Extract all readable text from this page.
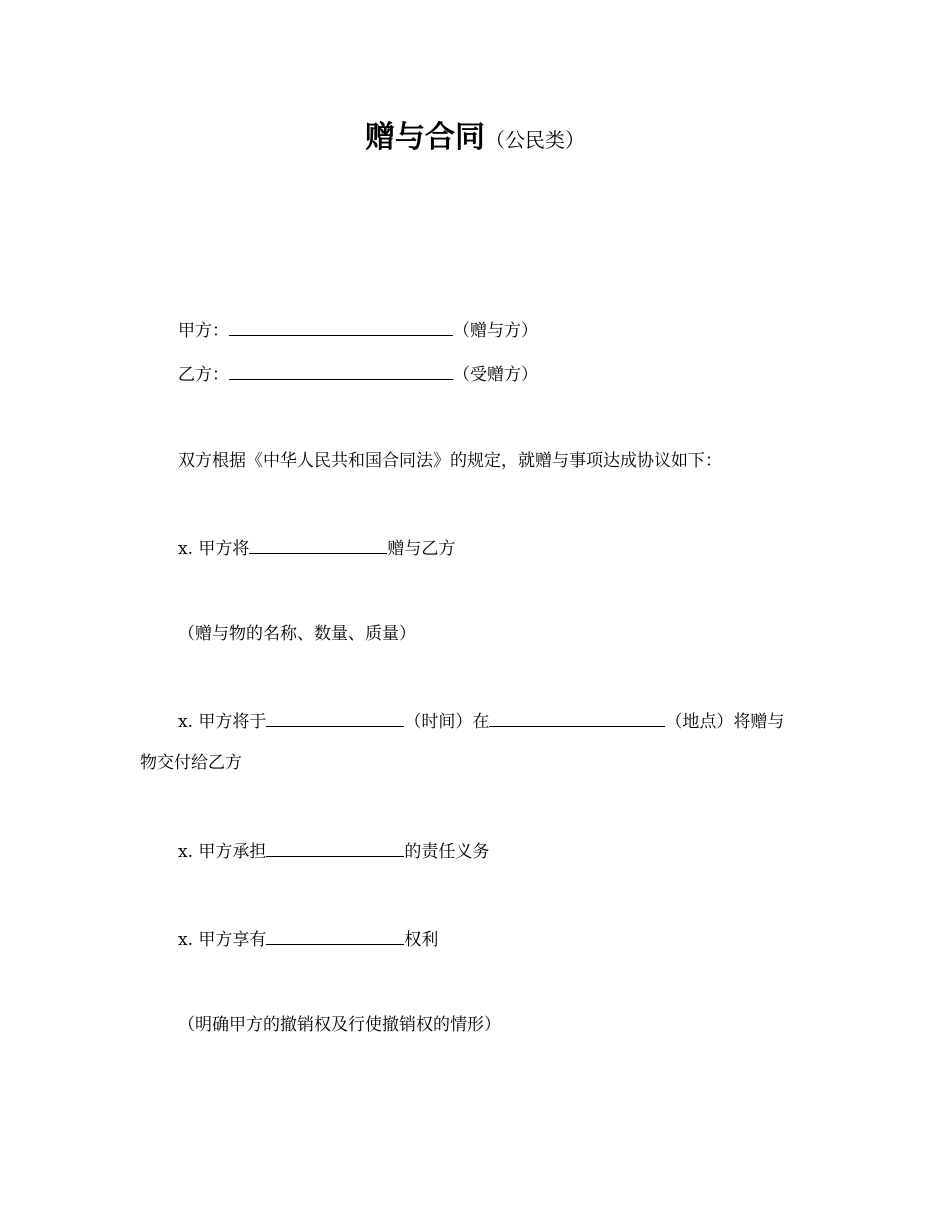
赠与合同（公民类）
甲方：	（赠与方）
乙方：	（受赠方）
双方根据《中华人民共和国合同法》的规定，就赠与事项达成协议如下：
x. 甲方将	赠与乙方
（赠与物的名称、数量、质量）
x. 甲方将于	（时间）在	（地点）将赠与
物交付给乙方
x. 甲方承担	的责任义务
x. 甲方享有	权利
（明确甲方的撤销权及行使撤销权的情形）
